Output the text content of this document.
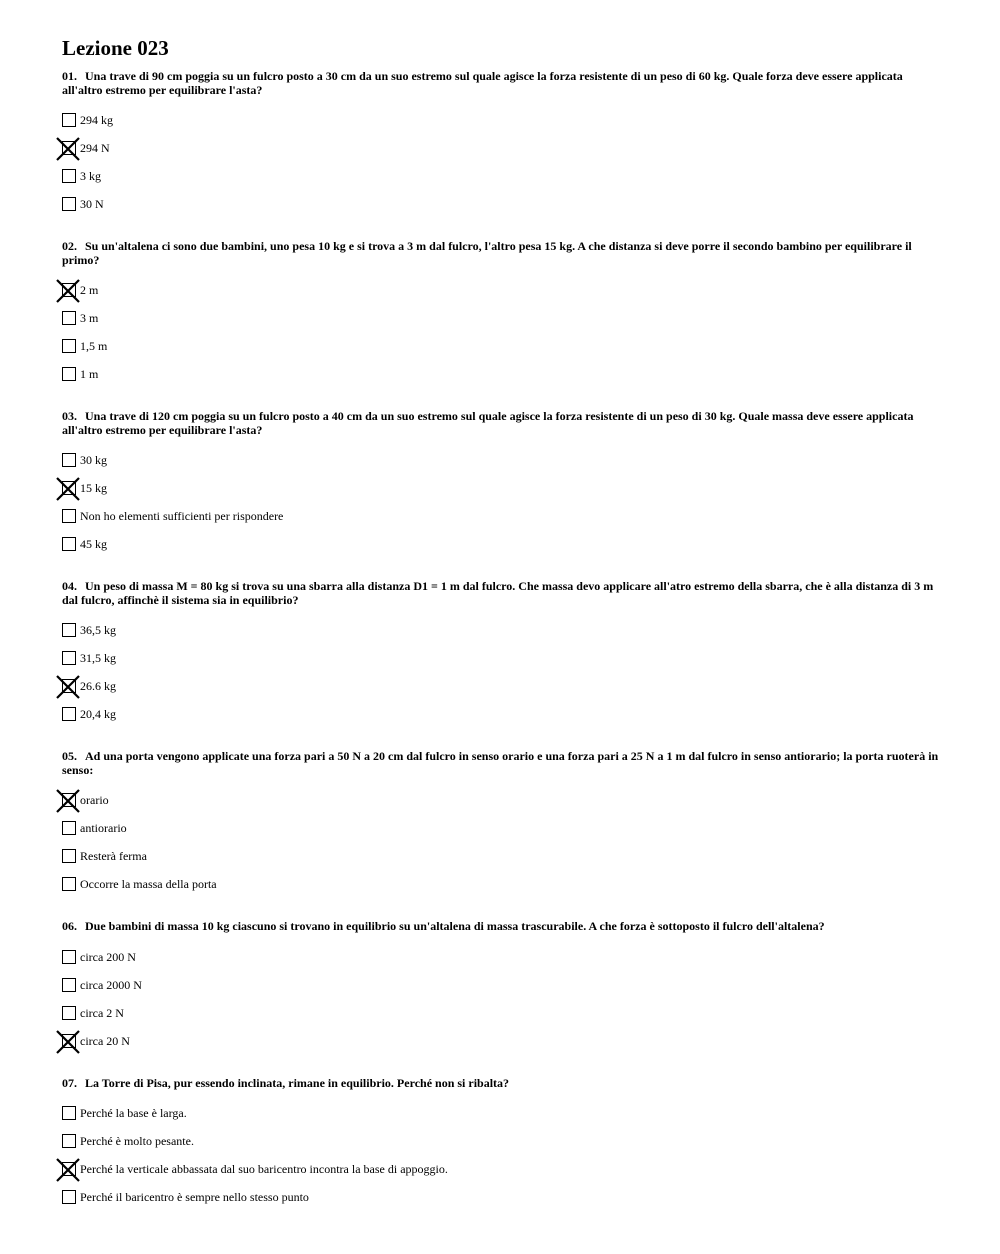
Lezione 023

01. Una trave di 90 cm poggia su un fulcro posto a 30 cm da un suo estremo sul quale agisce la forza resistente di un peso di 60 kg. Quale forza deve essere applicata all'altro estremo per equilibrare l'asta?

294 kg
294 N
3 kg
30 N

02. Su un'altalena ci sono due bambini, uno pesa 10 kg e si trova a 3 m dal fulcro, l'altro pesa 15 kg. A che distanza si deve porre il secondo bambino per equilibrare il primo?

2 m
3 m
1,5 m
1 m

03. Una trave di 120 cm poggia su un fulcro posto a 40 cm da un suo estremo sul quale agisce la forza resistente di un peso di 30 kg. Quale massa deve essere applicata all'altro estremo per equilibrare l'asta?

30 kg
15 kg
Non ho elementi sufficienti per rispondere
45 kg

04. Un peso di massa M = 80 kg si trova su una sbarra alla distanza D1 = 1 m dal fulcro. Che massa devo applicare all'atro estremo della sbarra, che è alla distanza di 3 m dal fulcro, affinchè il sistema sia in equilibrio?

36,5 kg
31,5 kg
26.6 kg
20,4 kg

05. Ad una porta vengono applicate una forza pari a 50 N a 20 cm dal fulcro in senso orario e una forza pari a 25 N a 1 m dal fulcro in senso antiorario; la porta ruoterà in senso:

orario
antiorario
Resterà ferma
Occorre la massa della porta

06. Due bambini di massa 10 kg ciascuno si trovano in equilibrio su un'altalena di massa trascurabile. A che forza è sottoposto il fulcro dell'altalena?

circa 200 N
circa 2000 N
circa 2 N
circa 20 N

07. La Torre di Pisa, pur essendo inclinata, rimane in equilibrio. Perché non si ribalta?

Perché la base è larga.
Perché è molto pesante.
Perché la verticale abbassata dal suo baricentro incontra la base di appoggio.
Perché il baricentro è sempre nello stesso punto
